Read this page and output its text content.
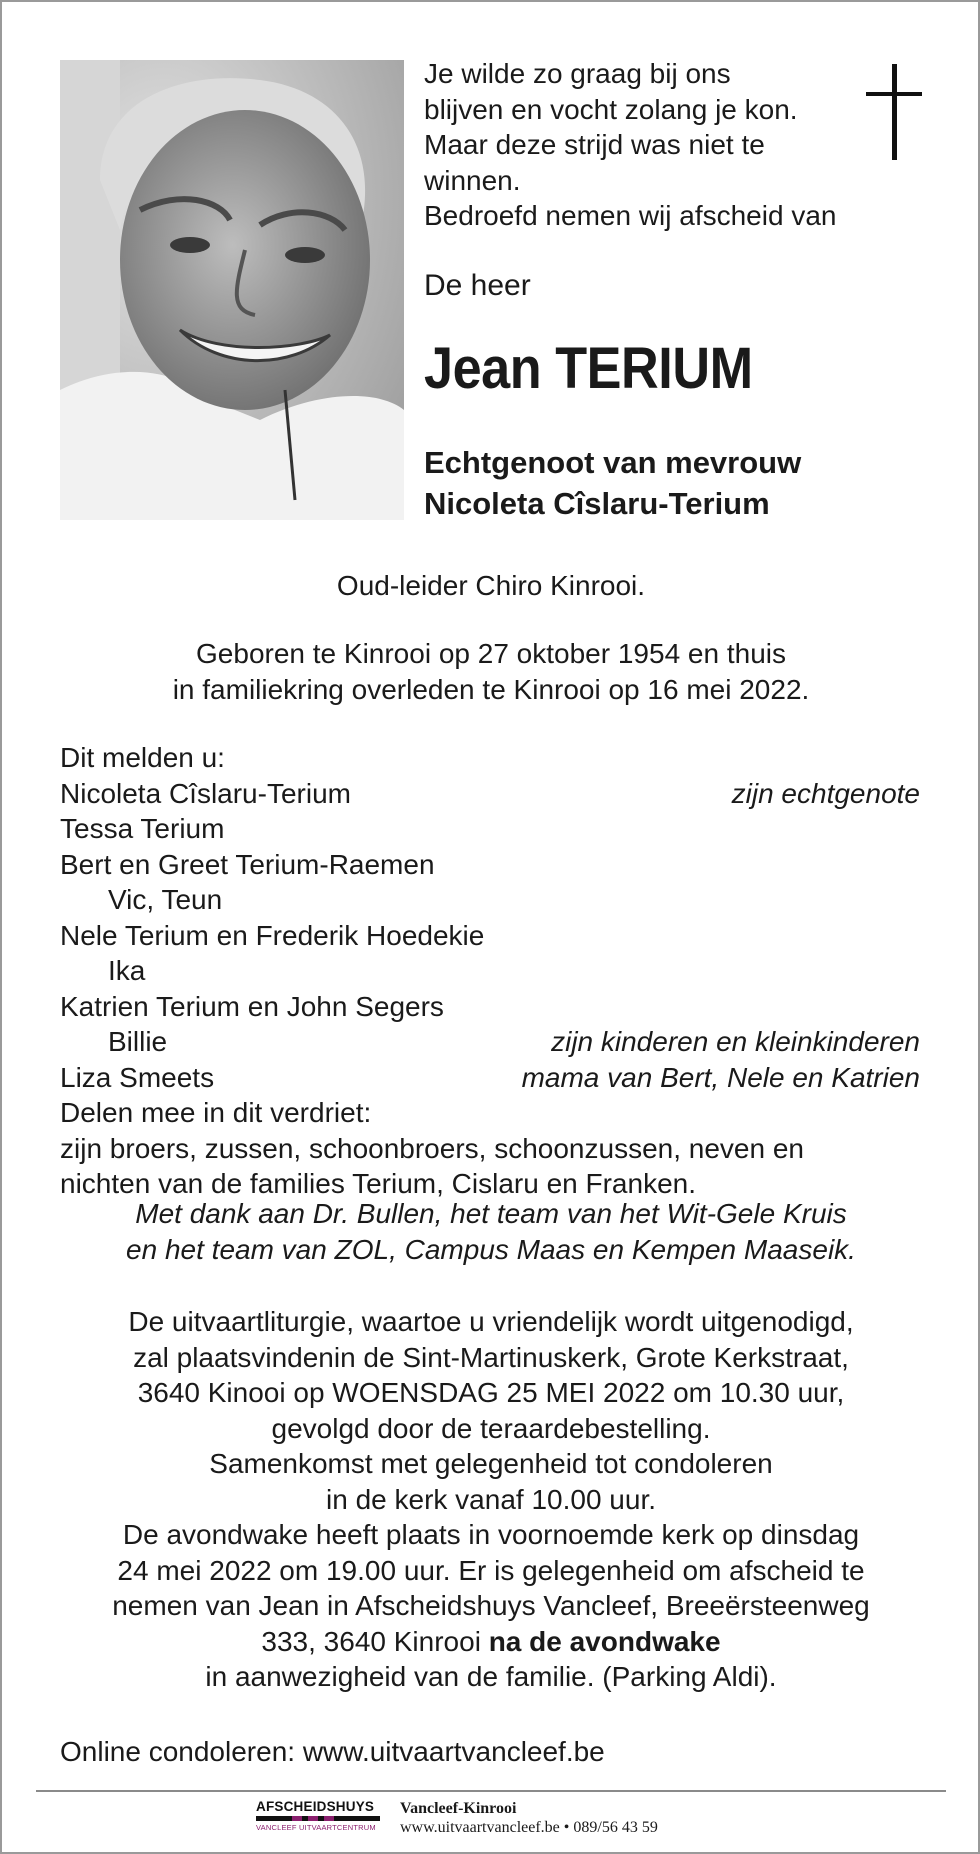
Je wilde zo graag bij ons
blijven en vocht zolang je kon.
Maar deze strijd was niet te
winnen.
Bedroefd nemen wij afscheid van
De heer
Jean TERIUM
Echtgenoot van mevrouw
Nicoleta Cîslaru-Terium
Oud-leider Chiro Kinrooi.
Geboren te Kinrooi op 27 oktober 1954 en thuis
in familiekring overleden te Kinrooi op 16 mei 2022.
Dit melden u:
Nicoleta Cîslaru-Terium	zijn echtgenote
Tessa Terium
Bert en Greet Terium-Raemen
Vic, Teun
Nele Terium en Frederik Hoedekie
Ika
Katrien Terium en John Segers
Billie	zijn kinderen en kleinkinderen
Liza Smeets	mama van Bert, Nele en Katrien
Delen mee in dit verdriet:
zijn broers, zussen, schoonbroers, schoonzussen, neven en
nichten van de families Terium, Cislaru en Franken.
Met dank aan Dr. Bullen, het team van het Wit-Gele Kruis
en het team van ZOL, Campus Maas en Kempen Maaseik.
De uitvaartliturgie, waartoe u vriendelijk wordt uitgenodigd,
zal plaatsvindenin de Sint-Martinuskerk, Grote Kerkstraat,
3640 Kinooi op WOENSDAG 25 MEI 2022 om 10.30 uur,
gevolgd door de teraardebestelling.
Samenkomst met gelegenheid tot condoleren
in de kerk vanaf 10.00 uur.
De avondwake heeft plaats in voornoemde kerk op dinsdag
24 mei 2022 om 19.00 uur. Er is gelegenheid om afscheid te
nemen van Jean in Afscheidshuys Vancleef, Breeërsteenweg
333, 3640 Kinrooi na de avondwake
in aanwezigheid van de familie. (Parking Aldi).
Online condoleren: www.uitvaartvancleef.be
AFSCHEIDSHUYS
VANCLEEF UITVAARTCENTRUM
Vancleef-Kinrooi
www.uitvaartvancleef.be • 089/56 43 59
